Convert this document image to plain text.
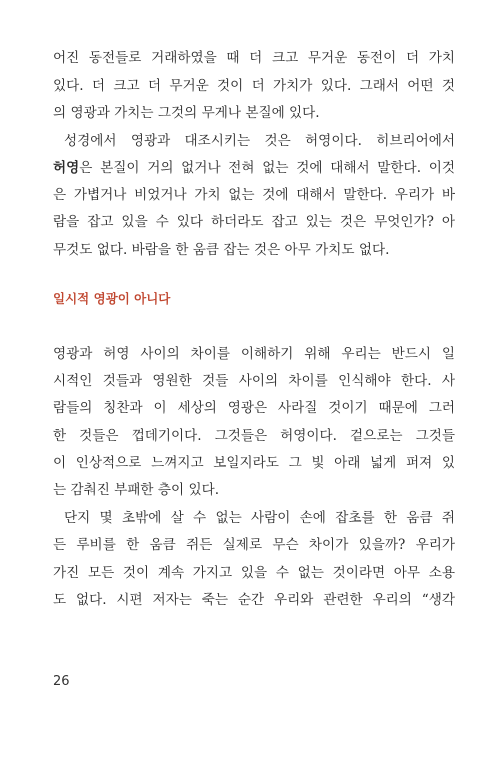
어진 동전들로 거래하였을 때 더 크고 무거운 동전이 더 가치
있다. 더 크고 더 무거운 것이 더 가치가 있다. 그래서 어떤 것
의 영광과 가치는 그것의 무게나 본질에 있다.
성경에서 영광과 대조시키는 것은 허영이다. 히브리어에서
허영은 본질이 거의 없거나 전혀 없는 것에 대해서 말한다. 이것
은 가볍거나 비었거나 가치 없는 것에 대해서 말한다. 우리가 바
람을 잡고 있을 수 있다 하더라도 잡고 있는 것은 무엇인가? 아
무것도 없다. 바람을 한 움큼 잡는 것은 아무 가치도 없다.
일시적 영광이 아니다
영광과 허영 사이의 차이를 이해하기 위해 우리는 반드시 일
시적인 것들과 영원한 것들 사이의 차이를 인식해야 한다. 사
람들의 칭찬과 이 세상의 영광은 사라질 것이기 때문에 그러
한 것들은 껍데기이다. 그것들은 허영이다. 겉으로는 그것들
이 인상적으로 느껴지고 보일지라도 그 빛 아래 넓게 퍼져 있
는 감춰진 부패한 층이 있다.
단지 몇 초밖에 살 수 없는 사람이 손에 잡초를 한 움큼 쥐
든 루비를 한 움큼 쥐든 실제로 무슨 차이가 있을까? 우리가
가진 모든 것이 계속 가지고 있을 수 없는 것이라면 아무 소용
도 없다. 시편 저자는 죽는 순간 우리와 관련한 우리의 “생각
26
